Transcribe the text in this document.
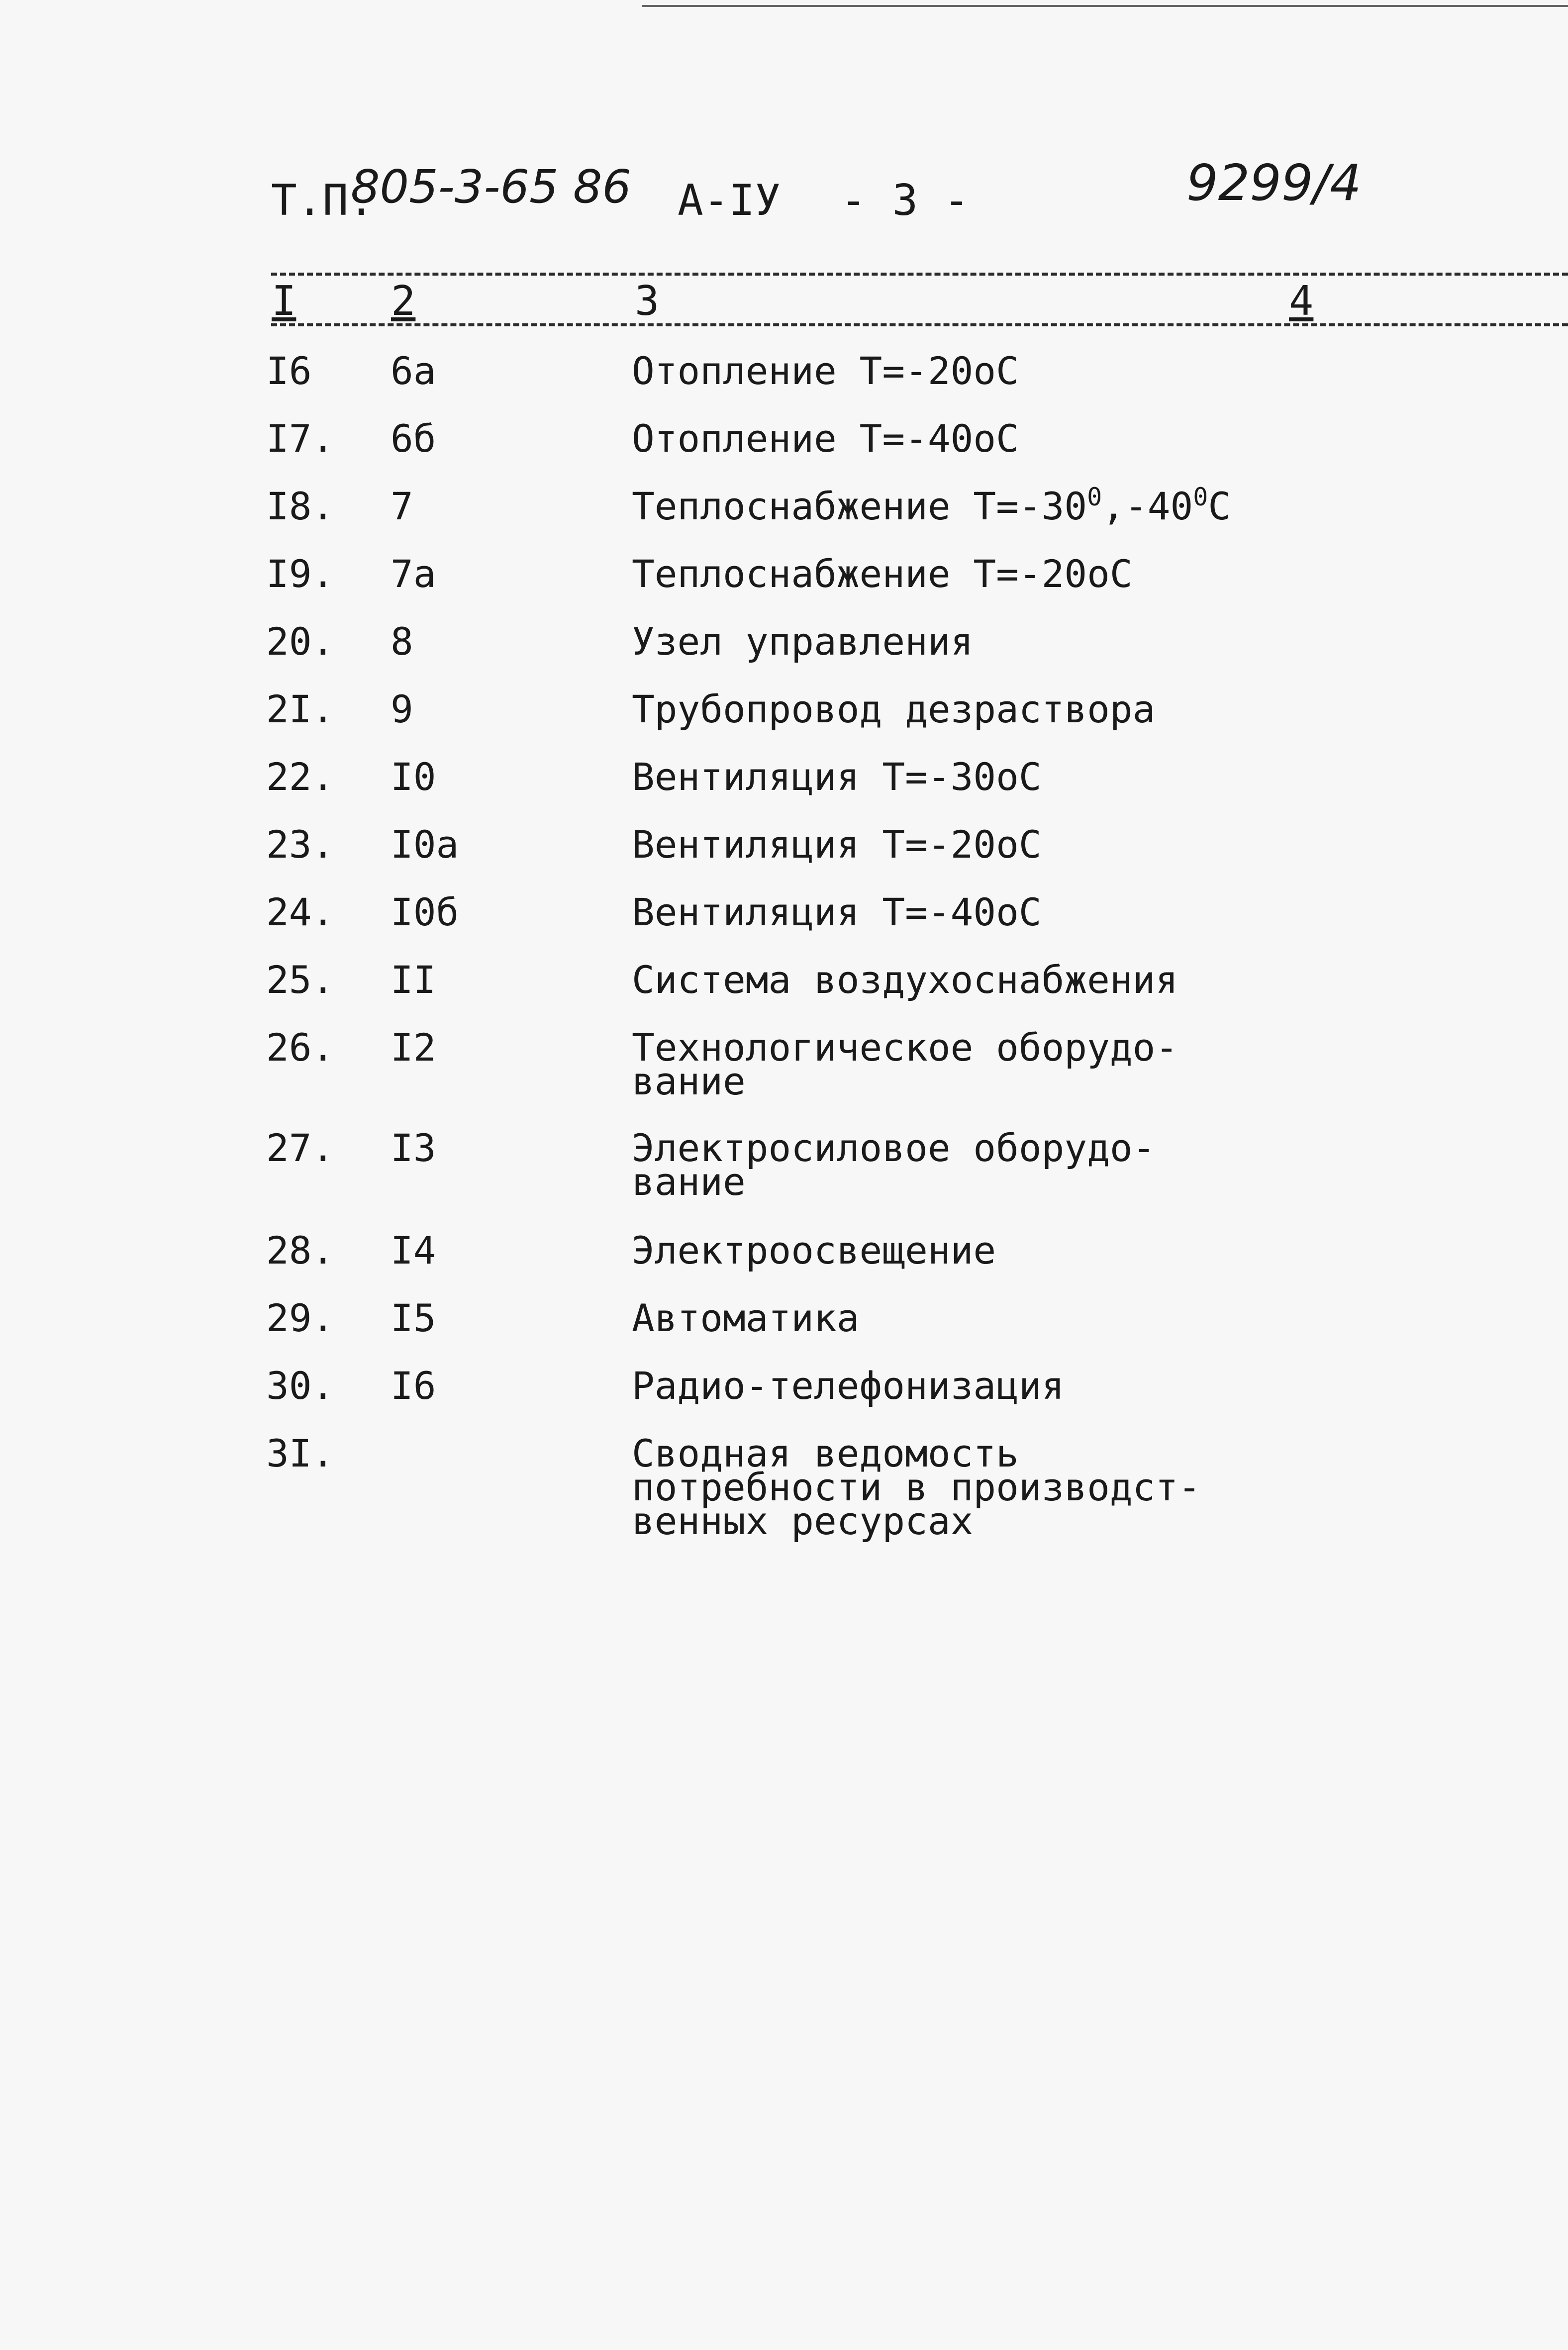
Т.П.
805-3-65 86 А-IУ - 3 -	9299/4
I 2	3	4
I6 6а	Отопление Т=-20оС
I7. 6б	Отопление Т=-40оС
I8. 7	Теплоснабжение $Т=-30^0,-40^0С$
I9. 7а	Теплоснабжение Т=-20оС
20. 8	Узел управления
2I. 9	Трубопровод дезраствора
22. I0	Вентиляция Т=-30оС
23. I0а	Вентиляция Т=-20оС
24. I0б	Вентиляция Т=-40оС
25. II	Система воздухоснабжения
26. I2	Технологическое оборудо-
вание
27. I3	Электросиловое оборудо-
вание
28. I4	Электроосвещение
29. I5	Автоматика
30. I6	Радио-телефонизация
3I.	Сводная ведомость
потребности в производст-
венных ресурсах
